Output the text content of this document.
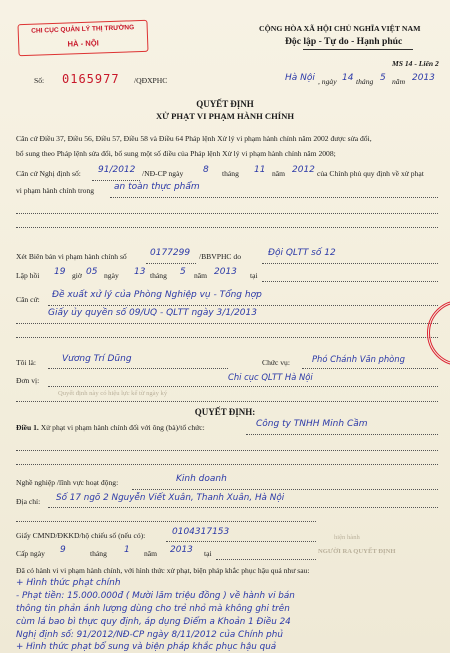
CHI CỤC QUẢN LÝ THỊ TRƯỜNG
HÀ - NỘI
CỘNG HÒA XÃ HỘI CHỦ NGHĨA VIỆT NAM
Độc lập - Tự do - Hạnh phúc
MS 14 - Liên 2
Số: 0165977 /QĐXPHC	Hà Nội , ngày 14 tháng 5 năm 2013
QUYẾT ĐỊNH
XỬ PHẠT VI PHẠM HÀNH CHÍNH
Căn cứ Điều 37, Điều 56, Điều 57, Điều 58 và Điều 64 Pháp lệnh Xử lý vi phạm hành chính năm 2002 được sửa đổi,
bổ sung theo Pháp lệnh sửa đổi, bổ sung một số điều của Pháp lệnh Xử lý vi phạm hành chính năm 2008;
Căn cứ Nghị định số: 91/2012 /NĐ-CP ngày 8 tháng 11 năm 2012 của Chính phủ quy định về xử phạt
vi phạm hành chính trong an toàn thực phẩm
Xét Biên bản vi phạm hành chính số	0177299 /BBVPHC do	Đội QLTT số 12
Lập hồi 19 giờ 05 ngày 13 tháng 5 năm 2013 tại
Căn cứ: Đề xuất xử lý của Phòng Nghiệp vụ - Tổng hợp
Giấy ủy quyền số 09/UQ - QLTT ngày 3/1/2013
Tôi là:	Vương Trí Dũng	Chức vụ:	Phó Chánh Văn phòng
Đơn vị:	Chi cục QLTT Hà Nội
Quyết định này có hiệu lực kể từ ngày ký
QUYẾT ĐỊNH:
Điều 1. Xử phạt vi phạm hành chính đối với ông (bà)/tổ chức:	Công ty TNHH Minh Cầm
Nghề nghiệp /lĩnh vực hoạt động:	Kinh doanh
Địa chỉ: Số 17 ngõ 2 Nguyễn Viết Xuân, Thanh Xuân, Hà Nội
Giấy CMND/ĐKKD/hộ chiếu số (nếu có):	0104317153
hiện hành
Cấp ngày 9	tháng 1 năm 2013 tại	NGƯỜI RA QUYẾT ĐỊNH
Đã có hành vi vi phạm hành chính, với hình thức xử phạt, biện pháp khắc phục hậu quả như sau:
+ Hình thức phạt chính
- Phạt tiền: 15.000.000đ ( Mười lăm triệu đồng ) về hành vi bán
thông tin phản ánh lượng dùng cho trẻ nhỏ mà không ghi trên
cùm lá bao bì thực quy định, áp dụng Điểm a Khoản 1 Điều 24
Nghị định số: 91/2012/NĐ-CP ngày 8/11/2012 của Chính phủ
+ Hình thức phạt bổ sung và biện pháp khắc phục hậu quả
